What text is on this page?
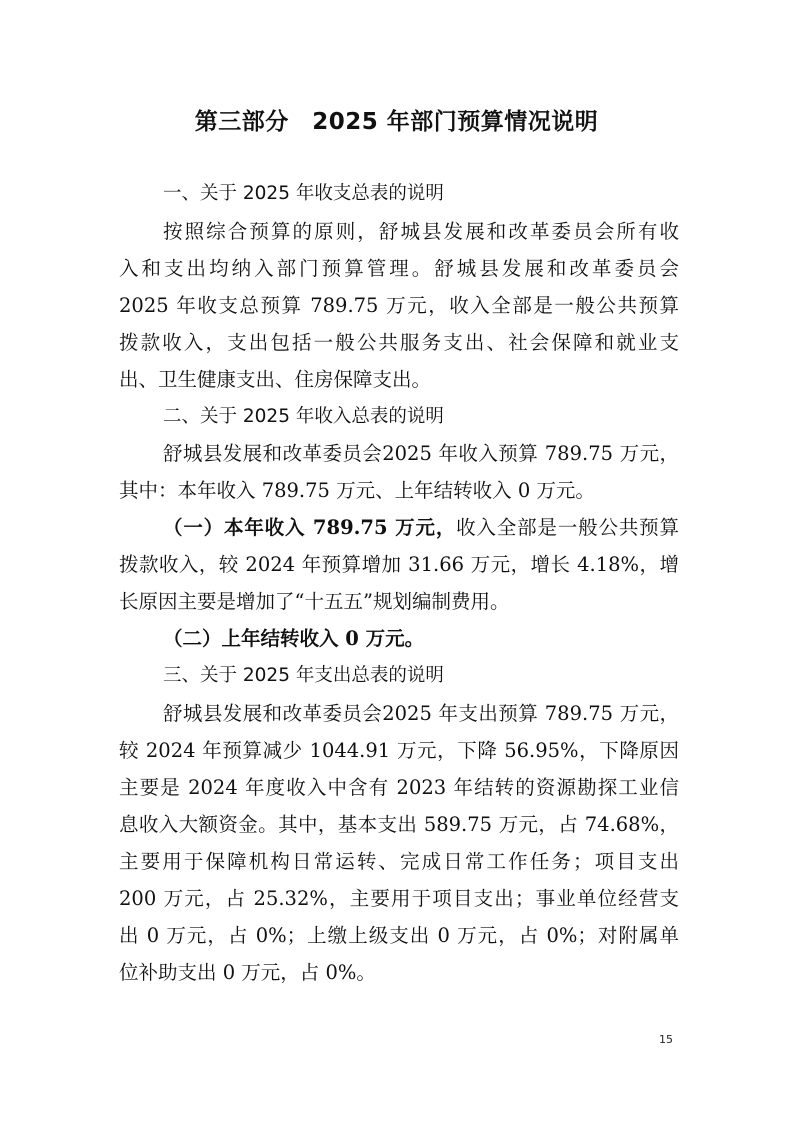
第三部分　2025 年部门预算情况说明
一、关于 2025 年收支总表的说明
按照综合预算的原则，舒城县发展和改革委员会所有收
入和支出均纳入部门预算管理。舒城县发展和改革委员会
2025 年收支总预算 789.75 万元，收入全部是一般公共预算
拨款收入，支出包括一般公共服务支出、社会保障和就业支
出、卫生健康支出、住房保障支出。
二、关于 2025 年收入总表的说明
舒城县发展和改革委员会2025 年收入预算 789.75 万元，
其中：本年收入 789.75 万元、上年结转收入 0 万元。
（一）本年收入 789.75 万元，收入全部是一般公共预算
拨款收入，较 2024 年预算增加 31.66 万元，增长 4.18%，增
长原因主要是增加了“十五五”规划编制费用。
（二）上年结转收入 0 万元。
三、关于 2025 年支出总表的说明
舒城县发展和改革委员会2025 年支出预算 789.75 万元，
较 2024 年预算减少 1044.91 万元，下降 56.95%，下降原因
主要是 2024 年度收入中含有 2023 年结转的资源勘探工业信
息收入大额资金。其中，基本支出 589.75 万元，占 74.68%，
主要用于保障机构日常运转、完成日常工作任务；项目支出
200 万元，占 25.32%，主要用于项目支出；事业单位经营支
出 0 万元，占 0%；上缴上级支出 0 万元，占 0%；对附属单
位补助支出 0 万元，占 0%。
15
